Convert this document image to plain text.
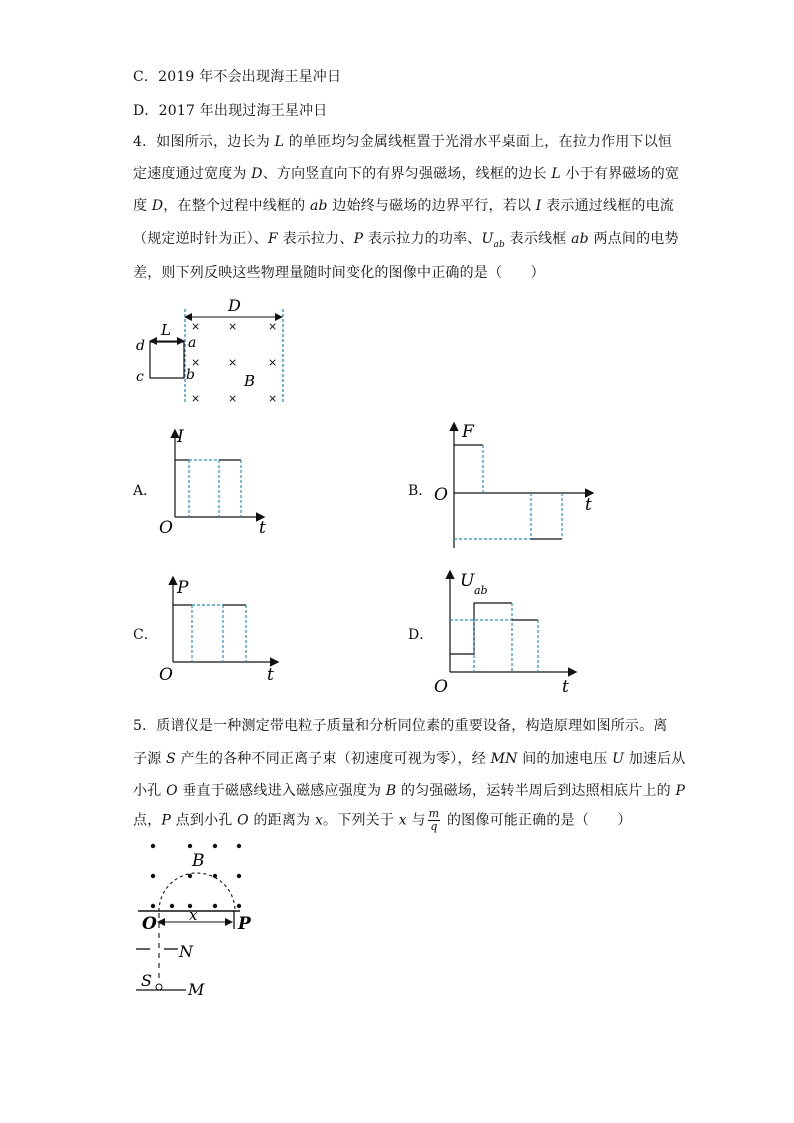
C．2019 年不会出现海王星冲日
D．2017 年出现过海王星冲日
4．如图所示，边长为 L 的单匝均匀金属线框置于光滑水平桌面上，在拉力作用下以恒
定速度通过宽度为 D、方向竖直向下的有界匀强磁场，线框的边长 L 小于有界磁场的宽
度 D，在整个过程中线框的 ab 边始终与磁场的边界平行，若以 I 表示通过线框的电流
（规定逆时针为正）、F 表示拉力、P 表示拉力的功率、$U_{ab}$ 表示线框 ab 两点间的电势
差，则下列反映这些物理量随时间变化的图像中正确的是（　　）
D
L
d	a
c	b	B
×	×	×
×	×	×
×	×	×
A．
I
t
O
B．
F
t
O
C．
P
t
O
D．
U ab
t
O
5．质谱仪是一种测定带电粒子质量和分析同位素的重要设备，构造原理如图所示。离
子源 S 产生的各种不同正离子束（初速度可视为零），经 MN 间的加速电压 U 加速后从
小孔 O 垂直于磁感线进入磁感应强度为 B 的匀强磁场，运转半周后到达照相底片上的 P
点，P 点到小孔 O 的距离为 x。下列关于 x 与 $\frac{m}{q}$ 的图像可能正确的是（　　）
B
O x P
N
S M
